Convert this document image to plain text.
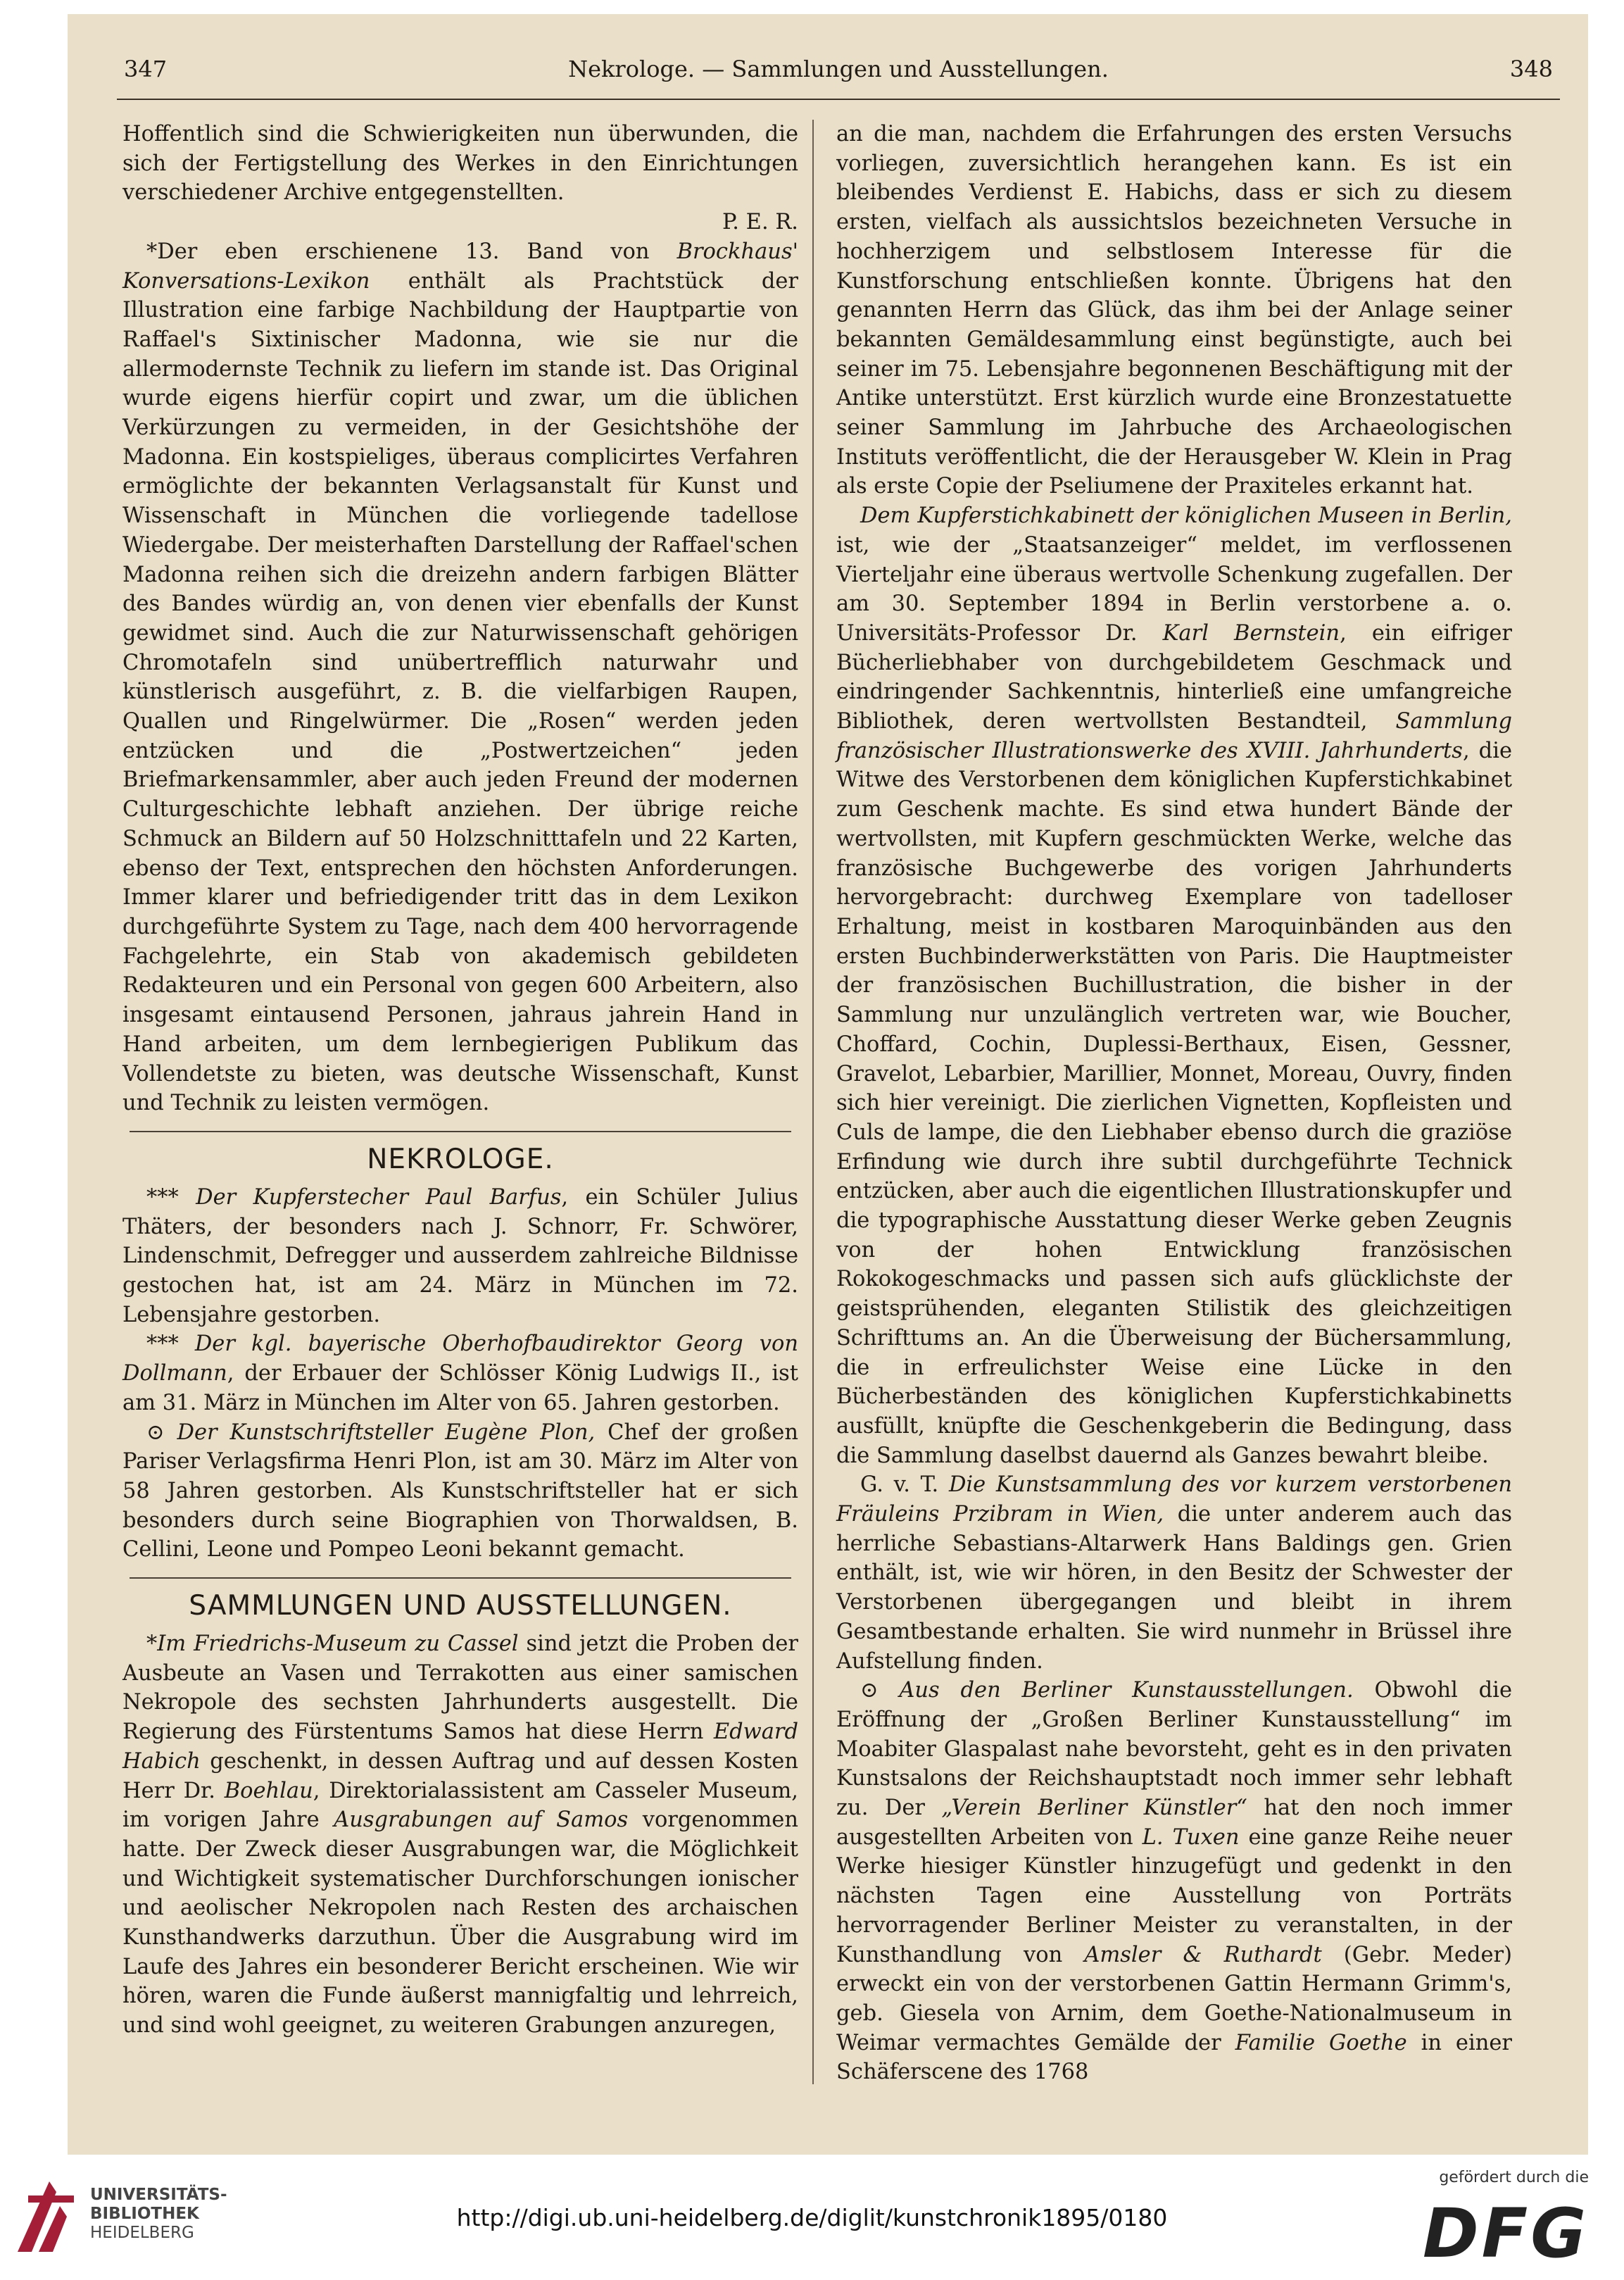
347	Nekrologe. — Sammlungen und Ausstellungen.	348

Hoffentlich sind die Schwierigkeiten nun überwunden, die sich der Fertigstellung des Werkes in den Einrichtungen verschiedener Archive entgegenstellten.

P. E. R.

*Der eben erschienene 13. Band von Brockhaus' Konversations-Lexikon enthält als Prachtstück der Illustration eine farbige Nachbildung der Hauptpartie von Raffael's Sixtinischer Madonna, wie sie nur die allermodernste Technik zu liefern im stande ist. Das Original wurde eigens hierfür copirt und zwar, um die üblichen Verkürzungen zu vermeiden, in der Gesichtshöhe der Madonna. Ein kostspieliges, überaus complicirtes Verfahren ermöglichte der bekannten Verlagsanstalt für Kunst und Wissenschaft in München die vorliegende tadellose Wiedergabe. Der meisterhaften Darstellung der Raffael'schen Madonna reihen sich die dreizehn andern farbigen Blätter des Bandes würdig an, von denen vier ebenfalls der Kunst gewidmet sind. Auch die zur Naturwissenschaft gehörigen Chromotafeln sind unübertrefflich naturwahr und künstlerisch ausgeführt, z. B. die vielfarbigen Raupen, Quallen und Ringelwürmer. Die „Rosen“ werden jeden entzücken und die „Postwertzeichen“ jeden Briefmarkensammler, aber auch jeden Freund der modernen Culturgeschichte lebhaft anziehen. Der übrige reiche Schmuck an Bildern auf 50 Holzschnitttafeln und 22 Karten, ebenso der Text, entsprechen den höchsten Anforderungen. Immer klarer und befriedigender tritt das in dem Lexikon durchgeführte System zu Tage, nach dem 400 hervorragende Fachgelehrte, ein Stab von akademisch gebildeten Redakteuren und ein Personal von gegen 600 Arbeitern, also insgesamt eintausend Personen, jahraus jahrein Hand in Hand arbeiten, um dem lernbegierigen Publikum das Vollendetste zu bieten, was deutsche Wissenschaft, Kunst und Technik zu leisten vermögen.

NEKROLOGE.

*** Der Kupferstecher Paul Barfus, ein Schüler Julius Thäters, der besonders nach J. Schnorr, Fr. Schwörer, Lindenschmit, Defregger und ausserdem zahlreiche Bildnisse gestochen hat, ist am 24. März in München im 72. Lebensjahre gestorben.

*** Der kgl. bayerische Oberhofbaudirektor Georg von Dollmann, der Erbauer der Schlösser König Ludwigs II., ist am 31. März in München im Alter von 65. Jahren gestorben.

⊙ Der Kunstschriftsteller Eugène Plon, Chef der großen Pariser Verlagsfirma Henri Plon, ist am 30. März im Alter von 58 Jahren gestorben. Als Kunstschriftsteller hat er sich besonders durch seine Biographien von Thorwaldsen, B. Cellini, Leone und Pompeo Leoni bekannt gemacht.

SAMMLUNGEN UND AUSSTELLUNGEN.

*Im Friedrichs-Museum zu Cassel sind jetzt die Proben der Ausbeute an Vasen und Terrakotten aus einer samischen Nekropole des sechsten Jahrhunderts ausgestellt. Die Regierung des Fürstentums Samos hat diese Herrn Edward Habich geschenkt, in dessen Auftrag und auf dessen Kosten Herr Dr. Boehlau, Direktorialassistent am Casseler Museum, im vorigen Jahre Ausgrabungen auf Samos vorgenommen hatte. Der Zweck dieser Ausgrabungen war, die Möglichkeit und Wichtigkeit systematischer Durchforschungen ionischer und aeolischer Nekropolen nach Resten des archaischen Kunsthandwerks darzuthun. Über die Ausgrabung wird im Laufe des Jahres ein besonderer Bericht erscheinen. Wie wir hören, waren die Funde äußerst mannigfaltig und lehrreich, und sind wohl geeignet, zu weiteren Grabungen anzuregen,

an die man, nachdem die Erfahrungen des ersten Versuchs vorliegen, zuversichtlich herangehen kann. Es ist ein bleibendes Verdienst E. Habichs, dass er sich zu diesem ersten, vielfach als aussichtslos bezeichneten Versuche in hochherzigem und selbstlosem Interesse für die Kunstforschung entschließen konnte. Übrigens hat den genannten Herrn das Glück, das ihm bei der Anlage seiner bekannten Gemäldesammlung einst begünstigte, auch bei seiner im 75. Lebensjahre begonnenen Beschäftigung mit der Antike unterstützt. Erst kürzlich wurde eine Bronzestatuette seiner Sammlung im Jahrbuche des Archaeologischen Instituts veröffentlicht, die der Herausgeber W. Klein in Prag als erste Copie der Pseliumene der Praxiteles erkannt hat.

Dem Kupferstichkabinett der königlichen Museen in Berlin, ist, wie der „Staatsanzeiger“ meldet, im verflossenen Vierteljahr eine überaus wertvolle Schenkung zugefallen. Der am 30. September 1894 in Berlin verstorbene a. o. Universitäts-Professor Dr. Karl Bernstein, ein eifriger Bücherliebhaber von durchgebildetem Geschmack und eindringender Sachkenntnis, hinterließ eine umfangreiche Bibliothek, deren wertvollsten Bestandteil, Sammlung französischer Illustrationswerke des XVIII. Jahrhunderts, die Witwe des Verstorbenen dem königlichen Kupferstichkabinet zum Geschenk machte. Es sind etwa hundert Bände der wertvollsten, mit Kupfern geschmückten Werke, welche das französische Buchgewerbe des vorigen Jahrhunderts hervorgebracht: durchweg Exemplare von tadelloser Erhaltung, meist in kostbaren Maroquinbänden aus den ersten Buchbinderwerkstätten von Paris. Die Hauptmeister der französischen Buchillustration, die bisher in der Sammlung nur unzulänglich vertreten war, wie Boucher, Choffard, Cochin, Duplessi-Berthaux, Eisen, Gessner, Gravelot, Lebarbier, Marillier, Monnet, Moreau, Ouvry, finden sich hier vereinigt. Die zierlichen Vignetten, Kopfleisten und Culs de lampe, die den Liebhaber ebenso durch die graziöse Erfindung wie durch ihre subtil durchgeführte Technick entzücken, aber auch die eigentlichen Illustrationskupfer und die typographische Ausstattung dieser Werke geben Zeugnis von der hohen Entwicklung französischen Rokokogeschmacks und passen sich aufs glücklichste der geistsprühenden, eleganten Stilistik des gleichzeitigen Schrifttums an. An die Überweisung der Büchersammlung, die in erfreulichster Weise eine Lücke in den Bücherbeständen des königlichen Kupferstichkabinetts ausfüllt, knüpfte die Geschenkgeberin die Bedingung, dass die Sammlung daselbst dauernd als Ganzes bewahrt bleibe.

G. v. T. Die Kunstsammlung des vor kurzem verstorbenen Fräuleins Przibram in Wien, die unter anderem auch das herrliche Sebastians-Altarwerk Hans Baldings gen. Grien enthält, ist, wie wir hören, in den Besitz der Schwester der Verstorbenen übergegangen und bleibt in ihrem Gesamtbestande erhalten. Sie wird nunmehr in Brüssel ihre Aufstellung finden.

⊙ Aus den Berliner Kunstausstellungen. Obwohl die Eröffnung der „Großen Berliner Kunstausstellung“ im Moabiter Glaspalast nahe bevorsteht, geht es in den privaten Kunstsalons der Reichshauptstadt noch immer sehr lebhaft zu. Der „Verein Berliner Künstler“ hat den noch immer ausgestellten Arbeiten von L. Tuxen eine ganze Reihe neuer Werke hiesiger Künstler hinzugefügt und gedenkt in den nächsten Tagen eine Ausstellung von Porträts hervorragender Berliner Meister zu veranstalten, in der Kunsthandlung von Amsler & Ruthardt (Gebr. Meder) erweckt ein von der verstorbenen Gattin Hermann Grimm's, geb. Giesela von Arnim, dem Goethe-Nationalmuseum in Weimar vermachtes Gemälde der Familie Goethe in einer Schäferscene des 1768

UNIVERSITÄTS-
BIBLIOTHEK
HEIDELBERG
http://digi.ub.uni-heidelberg.de/diglit/kunstchronik1895/0180
gefördert durch die
DFG
